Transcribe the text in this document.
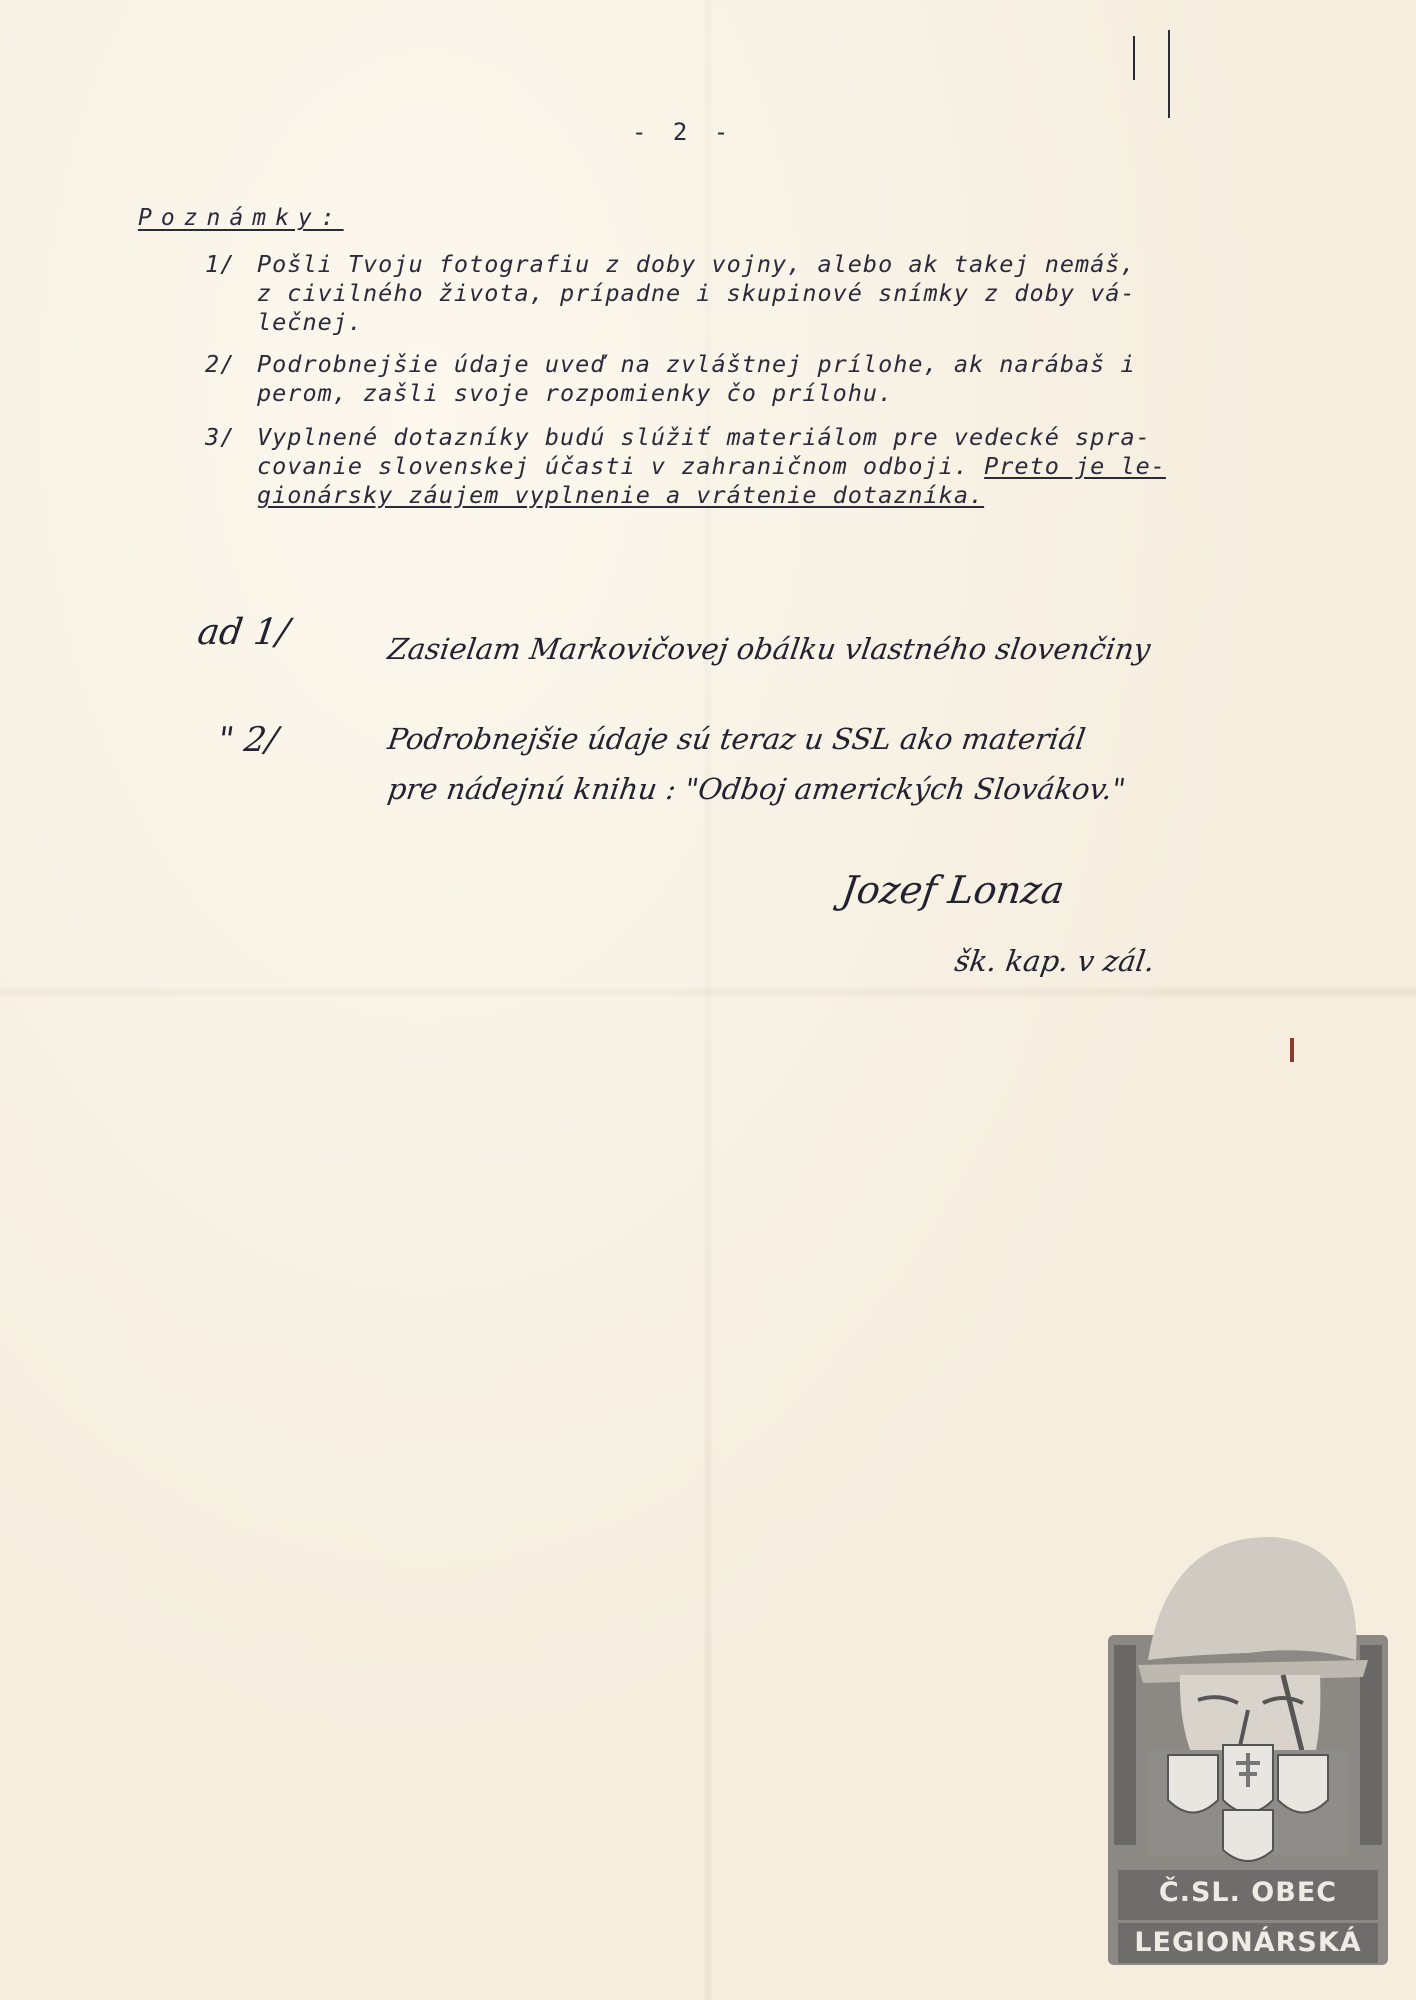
- 2 -
Poznámky:
1/ Pošli Tvoju fotografiu z doby vojny, alebo ak takej nemáš,
z civilného života, prípadne i skupinové snímky z doby vá-
lečnej.
2/ Podrobnejšie údaje uveď na zvláštnej prílohe, ak narábaš i
perom, zašli svoje rozpomienky čo prílohu.
3/ Vyplnené dotazníky budú slúžiť materiálom pre vedecké spra-
covanie slovenskej účasti v zahraničnom odboji. Preto je le-
gionársky záujem vyplnenie a vrátenie dotazníka.
ad 1/	Zasielam Markovičovej obálku vlastného slovenčiny
" 2/	Podrobnejšie údaje sú teraz u SSL ako materiál
pre nádejnú knihu : "Odboj amerických Slovákov."
Jozef Lonza
šk. kap. v zál.
Č.SL. OBEC
LEGIONÁRSKÁ
